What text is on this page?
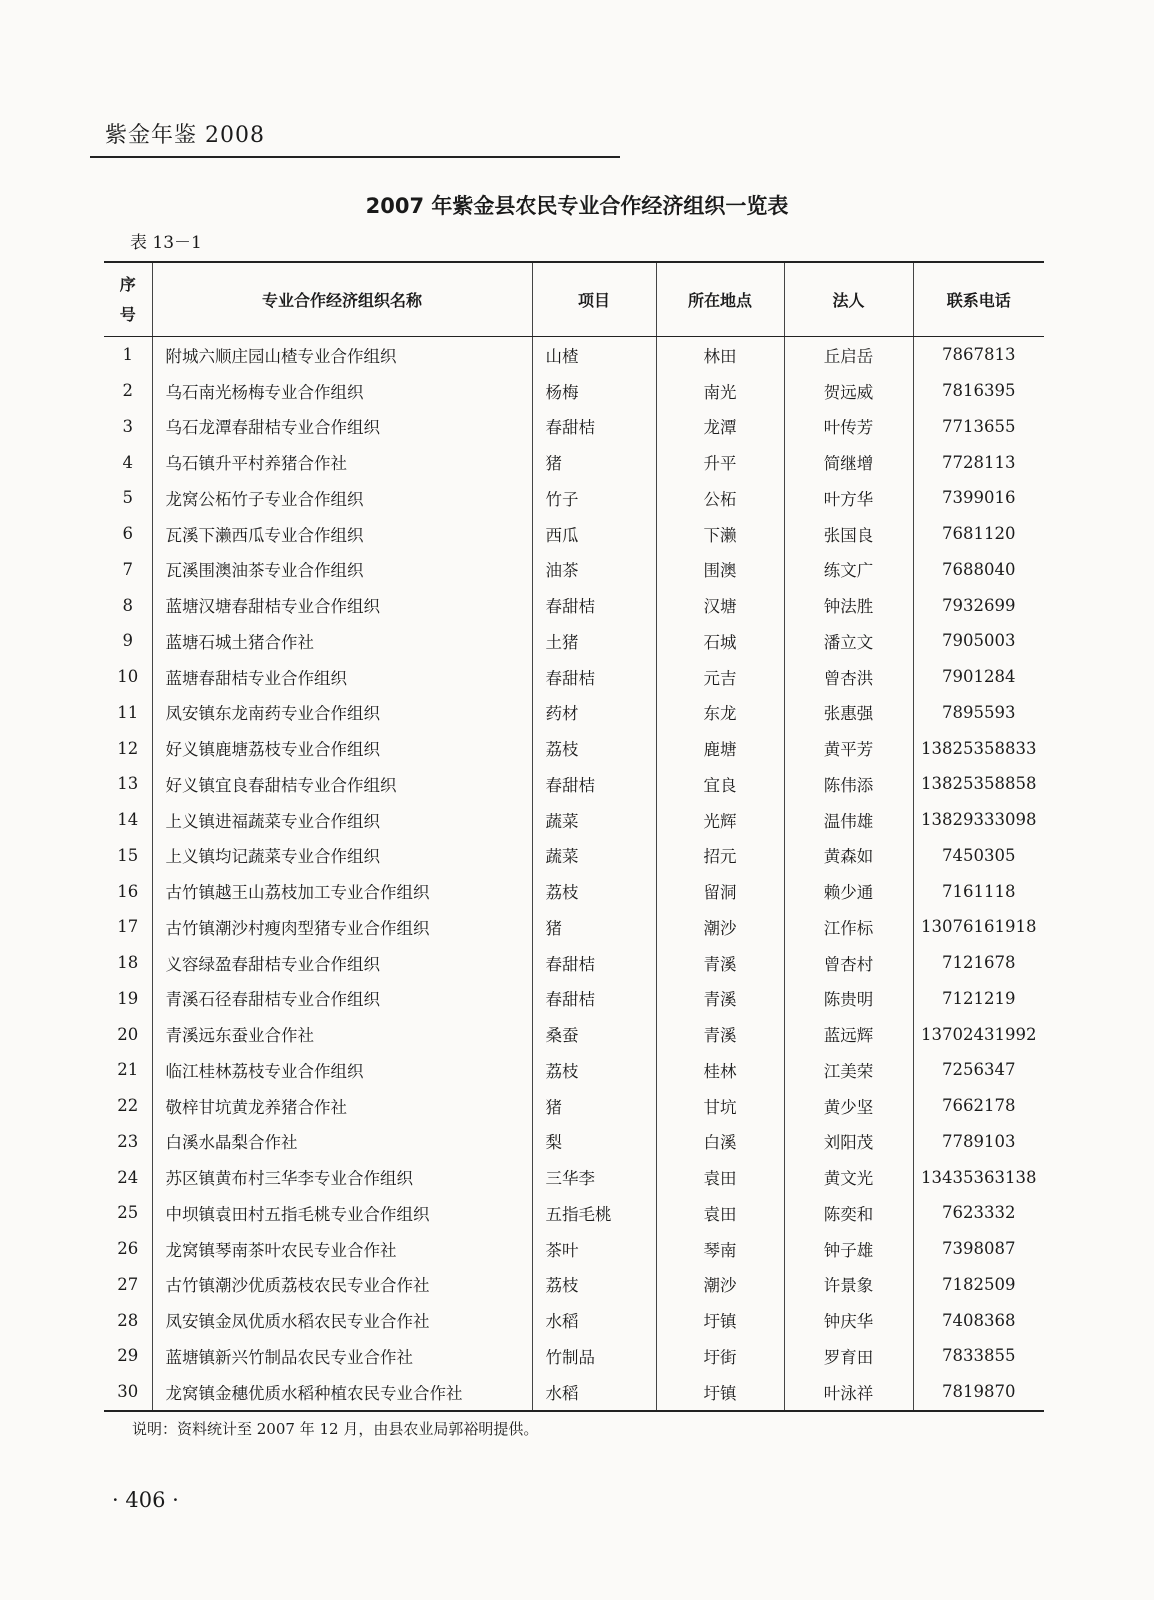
紫金年鉴 2008
2007 年紫金县农民专业合作经济组织一览表
表 13－1
序
号	专业合作经济组织名称	项目	所在地点	法人	联系电话
1	附城六顺庄园山楂专业合作组织	山楂	林田	丘启岳	7867813
2	乌石南光杨梅专业合作组织	杨梅	南光	贺远威	7816395
3	乌石龙潭春甜桔专业合作组织	春甜桔	龙潭	叶传芳	7713655
4	乌石镇升平村养猪合作社	猪	升平	简继增	7728113
5	龙窝公柘竹子专业合作组织	竹子	公柘	叶方华	7399016
6	瓦溪下濑西瓜专业合作组织	西瓜	下濑	张国良	7681120
7	瓦溪围澳油茶专业合作组织	油茶	围澳	练文广	7688040
8	蓝塘汉塘春甜桔专业合作组织	春甜桔	汉塘	钟法胜	7932699
9	蓝塘石城土猪合作社	土猪	石城	潘立文	7905003
10	蓝塘春甜桔专业合作组织	春甜桔	元吉	曾杏洪	7901284
11	凤安镇东龙南药专业合作组织	药材	东龙	张惠强	7895593
12	好义镇鹿塘荔枝专业合作组织	荔枝	鹿塘	黄平芳	13825358833
13	好义镇宜良春甜桔专业合作组织	春甜桔	宜良	陈伟添	13825358858
14	上义镇进福蔬菜专业合作组织	蔬菜	光辉	温伟雄	13829333098
15	上义镇均记蔬菜专业合作组织	蔬菜	招元	黄森如	7450305
16	古竹镇越王山荔枝加工专业合作组织	荔枝	留洞	赖少通	7161118
17	古竹镇潮沙村瘦肉型猪专业合作组织	猪	潮沙	江作标	13076161918
18	义容绿盈春甜桔专业合作组织	春甜桔	青溪	曾杏村	7121678
19	青溪石径春甜桔专业合作组织	春甜桔	青溪	陈贵明	7121219
20	青溪远东蚕业合作社	桑蚕	青溪	蓝远辉	13702431992
21	临江桂林荔枝专业合作组织	荔枝	桂林	江美荣	7256347
22	敬梓甘坑黄龙养猪合作社	猪	甘坑	黄少坚	7662178
23	白溪水晶梨合作社	梨	白溪	刘阳茂	7789103
24	苏区镇黄布村三华李专业合作组织	三华李	袁田	黄文光	13435363138
25	中坝镇袁田村五指毛桃专业合作组织	五指毛桃	袁田	陈奕和	7623332
26	龙窝镇琴南茶叶农民专业合作社	茶叶	琴南	钟子雄	7398087
27	古竹镇潮沙优质荔枝农民专业合作社	荔枝	潮沙	许景象	7182509
28	凤安镇金凤优质水稻农民专业合作社	水稻	圩镇	钟庆华	7408368
29	蓝塘镇新兴竹制品农民专业合作社	竹制品	圩街	罗育田	7833855
30	龙窝镇金穗优质水稻种植农民专业合作社	水稻	圩镇	叶泳祥	7819870
说明：资料统计至 2007 年 12 月，由县农业局郭裕明提供。
· 406 ·
